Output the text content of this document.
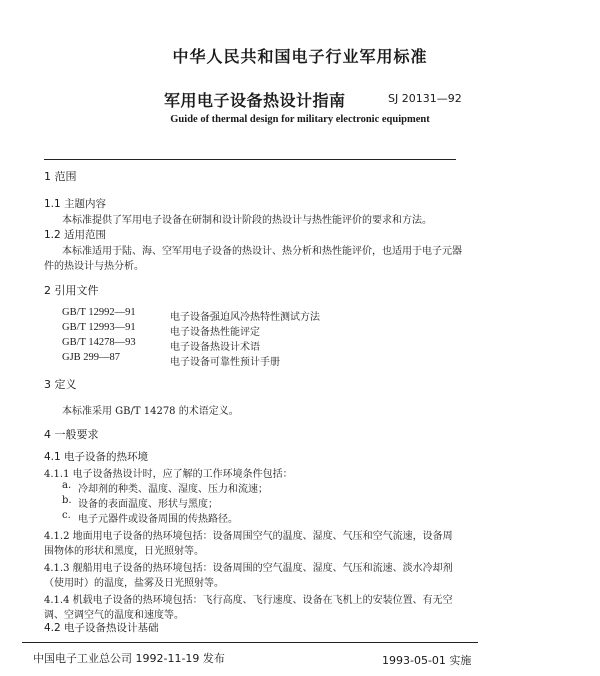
中华人民共和国电子行业军用标准
军用电子设备热设计指南	SJ 20131—92
Guide of thermal design for military electronic equipment
1 范围
1.1 主题内容
本标准提供了军用电子设备在研制和设计阶段的热设计与热性能评价的要求和方法。
1.2 适用范围
本标准适用于陆、海、空军用电子设备的热设计、热分析和热性能评价，也适用于电子元器
件的热设计与热分析。
2 引用文件
GB/T 12992—91	电子设备强迫风冷热特性测试方法
GB/T 12993—91	电子设备热性能评定
GB/T 14278—93	电子设备热设计术语
GJB 299—87	电子设备可靠性预计手册
3 定义
本标准采用 GB/T 14278 的术语定义。
4 一般要求
4.1 电子设备的热环境
4.1.1 电子设备热设计时，应了解的工作环境条件包括：
a. 冷却剂的种类、温度、湿度、压力和流速；
b. 设备的表面温度、形状与黑度；
c. 电子元器件或设备周围的传热路径。
4.1.2 地面用电子设备的热环境包括：设备周围空气的温度、湿度、气压和空气流速，设备周
围物体的形状和黑度，日光照射等。
4.1.3 舰船用电子设备的热环境包括：设备周围的空气温度、湿度、气压和流速、淡水冷却剂
（使用时）的温度，盐雾及日光照射等。
4.1.4 机载电子设备的热环境包括：飞行高度、飞行速度、设备在飞机上的安装位置、有无空
调、空调空气的温度和速度等。
4.2 电子设备热设计基础
中国电子工业总公司 1992-11-19 发布	1993-05-01 实施
